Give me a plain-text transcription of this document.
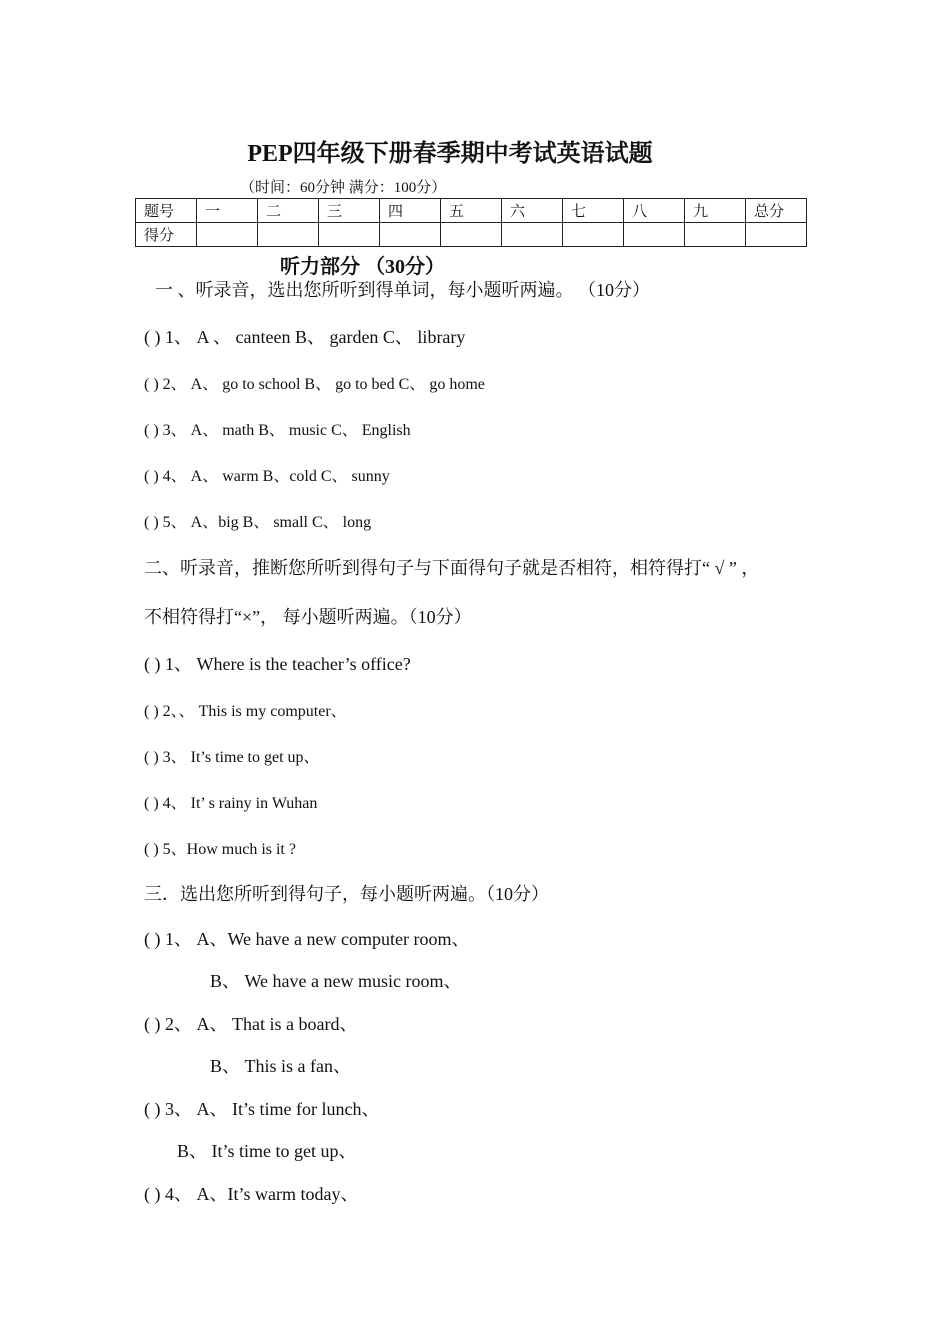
PEP四年级下册春季期中考试英语试题
（时间：60分钟 满分：100分）
题号	一	二	三	四	五	六	七	八	九	总分
得分										
听力部分 （30分）
一 、听录音，选出您所听到得单词，每小题听两遍。 （10分）
( ) 1、 A 、 canteen B、 garden C、 library
( ) 2、 A、 go to school B、 go to bed C、 go home
( ) 3、 A、 math B、 music C、 English
( ) 4、 A、 warm B、cold C、 sunny
( ) 5、 A、big B、 small C、 long
二、听录音，推断您所听到得句子与下面得句子就是否相符，相符得打“ √ ” ，
不相符得打“×”， 每小题听两遍。（10分）
( ) 1、 Where is the teacher’s office?
( ) 2、、 This is my computer、
( ) 3、 It’s time to get up、
( ) 4、 It’ s rainy in Wuhan
( ) 5、How much is it ?
三．选出您所听到得句子，每小题听两遍。（10分）
( ) 1、 A、We have a new computer room、
B、 We have a new music room、
( ) 2、 A、 That is a board、
B、 This is a fan、
( ) 3、 A、 It’s time for lunch、
B、 It’s time to get up、
( ) 4、 A、It’s warm today、
